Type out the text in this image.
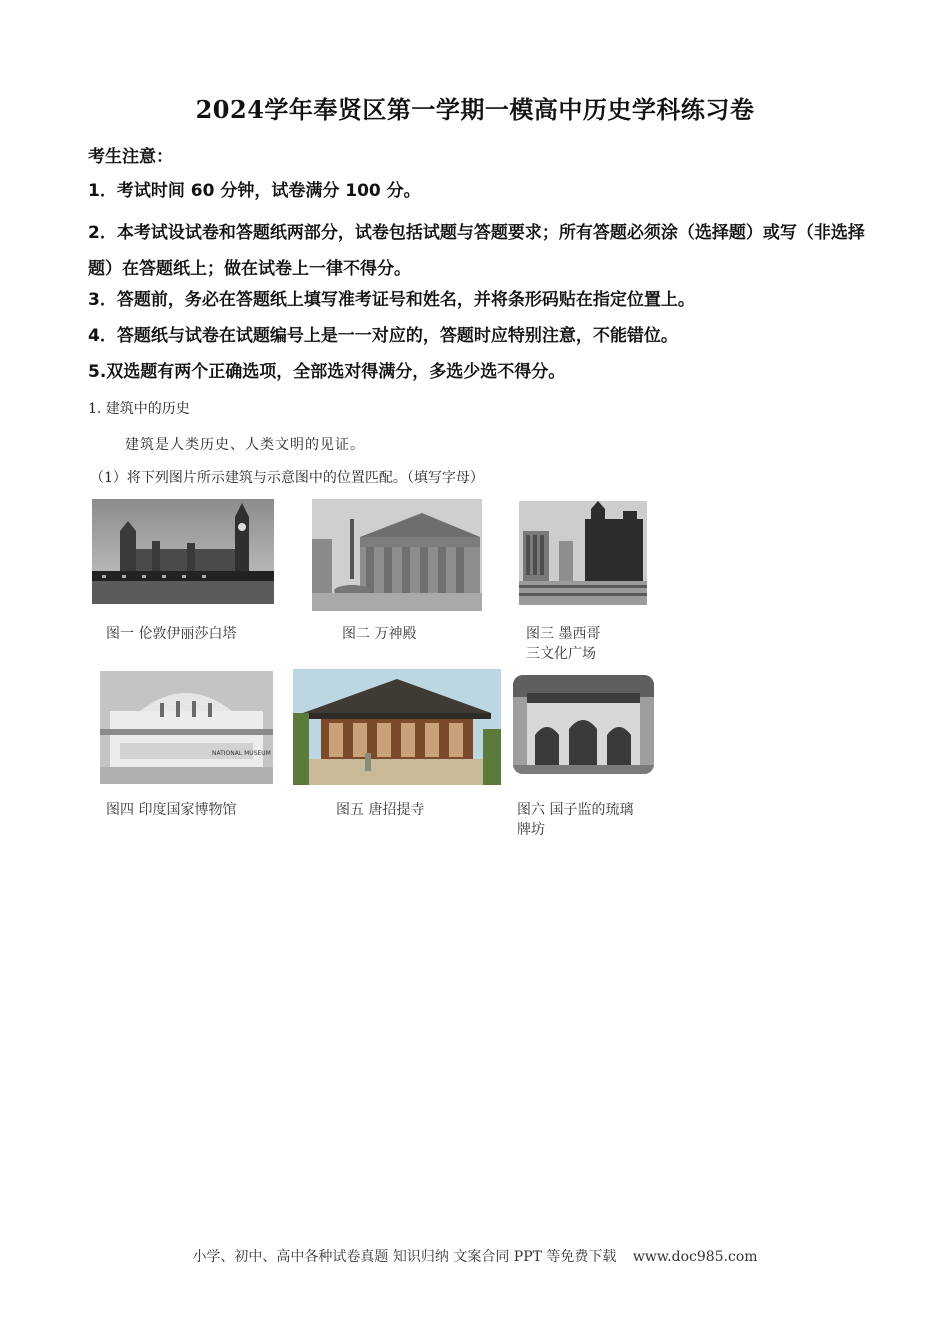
2024学年奉贤区第一学期一模高中历史学科练习卷
考生注意：
1．考试时间 60 分钟，试卷满分 100 分。
2．本考试设试卷和答题纸两部分，试卷包括试题与答题要求；所有答题必须涂（选择题）或写（非选择题）在答题纸上；做在试卷上一律不得分。
3．答题前，务必在答题纸上填写准考证号和姓名，并将条形码贴在指定位置上。
4．答题纸与试卷在试题编号上是一一对应的，答题时应特别注意，不能错位。
5.双选题有两个正确选项，全部选对得满分，多选少选不得分。
1. 建筑中的历史
建筑是人类历史、人类文明的见证。
（1）将下列图片所示建筑与示意图中的位置匹配。（填写字母）
图一 伦敦伊丽莎白塔	图二 万神殿	图三 墨西哥
三文化广场
NATIONAL MUSEUM
图四 印度国家博物馆	图五 唐招提寺	图六 国子监的琉璃
牌坊
小学、初中、高中各种试卷真题 知识归纳 文案合同 PPT 等免费下载 www.doc985.com
